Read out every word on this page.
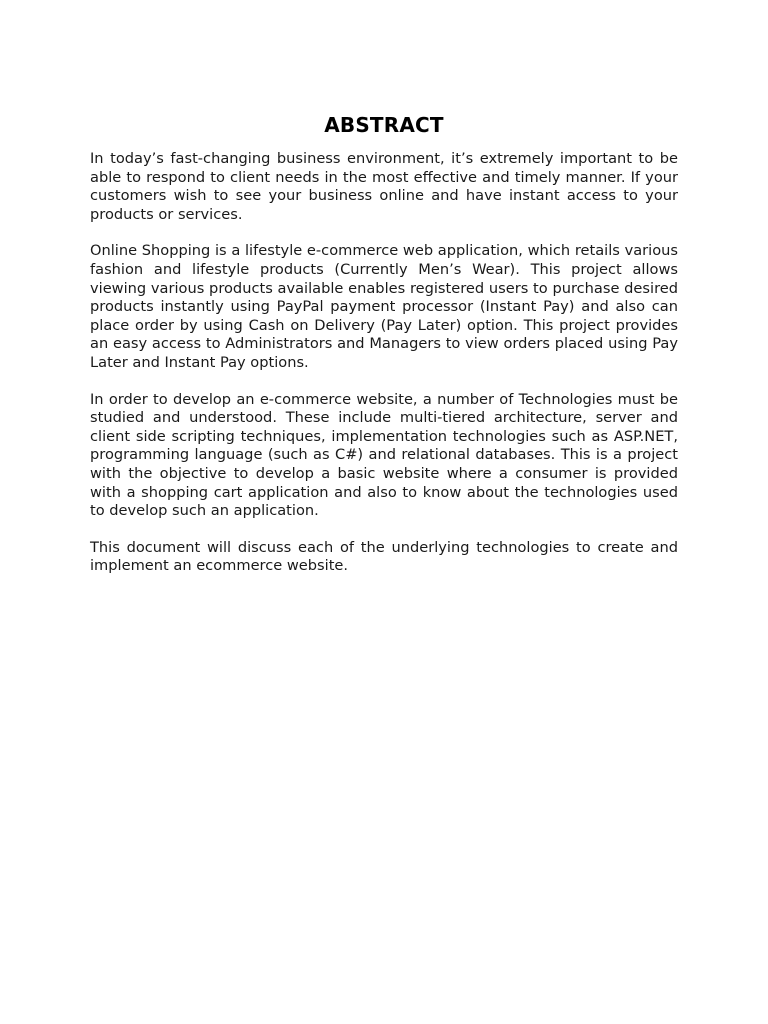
ABSTRACT

In today’s fast-changing business environment, it’s extremely important to be able to respond to client needs in the most effective and timely manner. If your customers wish to see your business online and have instant access to your products or services.

Online Shopping is a lifestyle e-commerce web application, which retails various fashion and lifestyle products (Currently Men’s Wear). This project allows viewing various products available enables registered users to purchase desired products instantly using PayPal payment processor (Instant Pay) and also can place order by using Cash on Delivery (Pay Later) option. This project provides an easy access to Administrators and Managers to view orders placed using Pay Later and Instant Pay options.

In order to develop an e-commerce website, a number of Technologies must be studied and understood. These include multi-tiered architecture, server and client side scripting techniques, implementation technologies such as ASP.NET, programming language (such as C#) and relational databases. This is a project with the objective to develop a basic website where a consumer is provided with a shopping cart application and also to know about the technologies used to develop such an application.

This document will discuss each of the underlying technologies to create and implement an ecommerce website.
